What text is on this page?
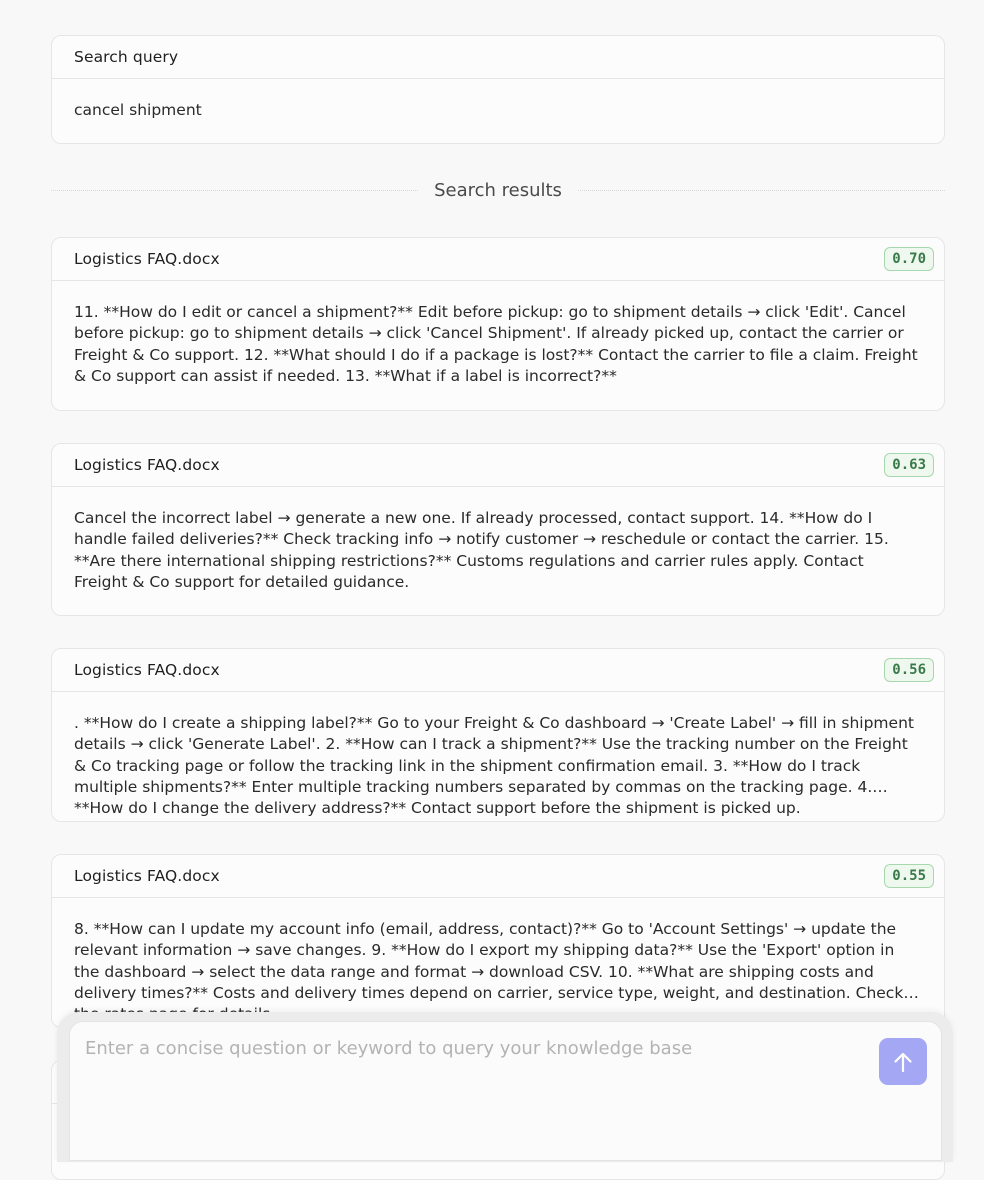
Search query
cancel shipment
Search results
Logistics FAQ.docx	0.70
11. **How do I edit or cancel a shipment?** Edit before pickup: go to shipment details → click 'Edit'. Cancel before pickup: go to shipment details → click 'Cancel Shipment'. If already picked up, contact the carrier or Freight & Co support. 12. **What should I do if a package is lost?** Contact the carrier to file a claim. Freight & Co support can assist if needed. 13. **What if a label is incorrect?**
Logistics FAQ.docx	0.63
Cancel the incorrect label → generate a new one. If already processed, contact support. 14. **How do I handle failed deliveries?** Check tracking info → notify customer → reschedule or contact the carrier. 15. **Are there international shipping restrictions?** Customs regulations and carrier rules apply. Contact Freight & Co support for detailed guidance.
Logistics FAQ.docx	0.56
. **How do I create a shipping label?** Go to your Freight & Co dashboard → 'Create Label' → fill in shipment details → click 'Generate Label'. 2. **How can I track a shipment?** Use the tracking number on the Freight & Co tracking page or follow the tracking link in the shipment confirmation email. 3. **How do I track multiple shipments?** Enter multiple tracking numbers separated by commas on the tracking page. 4. **How do I change the delivery address?** Contact support before the shipment is picked up.
Logistics FAQ.docx	0.55
8. **How can I update my account info (email, address, contact)?** Go to 'Account Settings' → update the relevant information → save changes. 9. **How do I export my shipping data?** Use the 'Export' option in the dashboard → select the data range and format → download CSV. 10. **What are shipping costs and delivery times?** Costs and delivery times depend on carrier, service type, weight, and destination. Check
Enter a concise question or keyword to query your knowledge base
